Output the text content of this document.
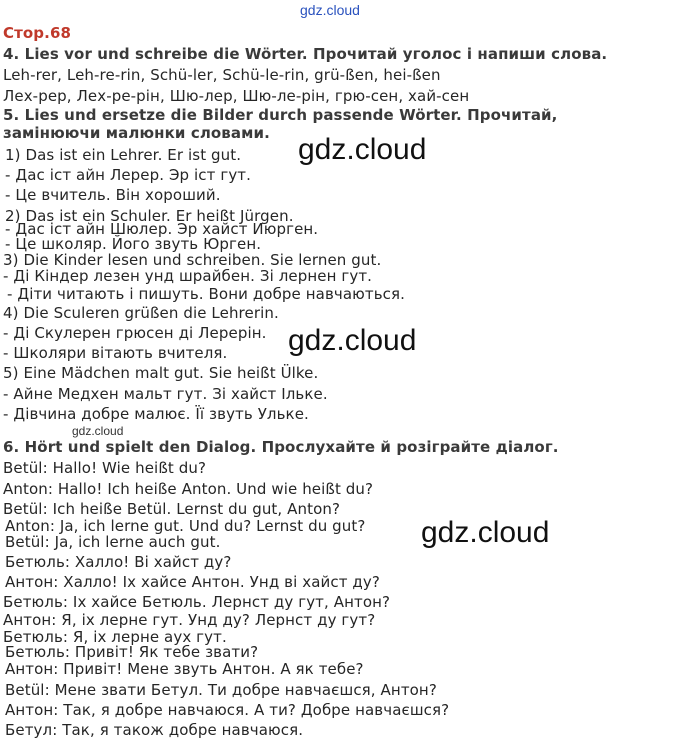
gdz.cloud
Стор.68
4. Lies vor und schreibe die Wörter. Прочитай уголос і напиши слова.
Leh-rer, Leh-re-rin, Schü-ler, Schü-le-rin, grü-ßen, hei-ßen
Лех-рер, Лех-ре-рін, Шю-лер, Шю-ле-рін, грю-сен, хай-сен
5. Lies und ersetze die Bilder durch passende Wörter. Прочитай,
замінюючи малюнки словами.
1) Das ist ein Lehrer. Er ist gut.
- Дас іст айн Лерер. Эр іст гут.
- Це вчитель. Він хороший.
2) Das ist ein Schuler. Er heißt Jürgen.
- Дас іст айн Шюлер. Эр хайст Июрген.
- Це школяр. Його звуть Юрген.
3) Die Kinder lesen und schreiben. Sie lernen gut.
- Ді Кіндер лезен унд шрайбен. Зі лернен гут.
- Діти читають і пишуть. Вони добре навчаються.
4) Die Sculeren grüßen die Lehrerin.
- Ді Скулерен грюсен ді Лерерін.
- Школяри вітають вчителя.
5) Eine Mädchen malt gut. Sie heißt Ülke.
- Айне Медхен мальт гут. Зі хайст Ільке.
- Дівчина добре малює. Її звуть Ульке.
gdz.cloud
6. Hört und spielt den Dialog. Прослухайте й розіграйте діалог.
Betül: Hallo! Wie heißt du?
Anton: Hallo! Ich heiße Anton. Und wie heißt du?
Betül: Ich heiße Betül. Lernst du gut, Anton?
Anton: Ja, ich lerne gut. Und du? Lernst du gut?
Betül: Ja, ich lerne auch gut.
Бетюль: Халло! Ві хайст ду?
Антон: Халло! Іх хайсе Антон. Унд ві хайст ду?
Бетюль: Іх хайсе Бетюль. Лернст ду гут, Антон?
Антон: Я, іх лерне гут. Унд ду? Лернст ду гут?
Бетюль: Я, іх лерне аух гут.
Бетюль: Привіт! Як тебе звати?
Антон: Привіт! Мене звуть Антон. А як тебе?
Betül: Мене звати Бетул. Ти добре навчаєшся, Антон?
Антон: Так, я добре навчаюся. А ти? Добре навчаєшся?
Бетул: Так, я також добре навчаюся.
gdz.cloud
gdz.cloud
gdz.cloud
